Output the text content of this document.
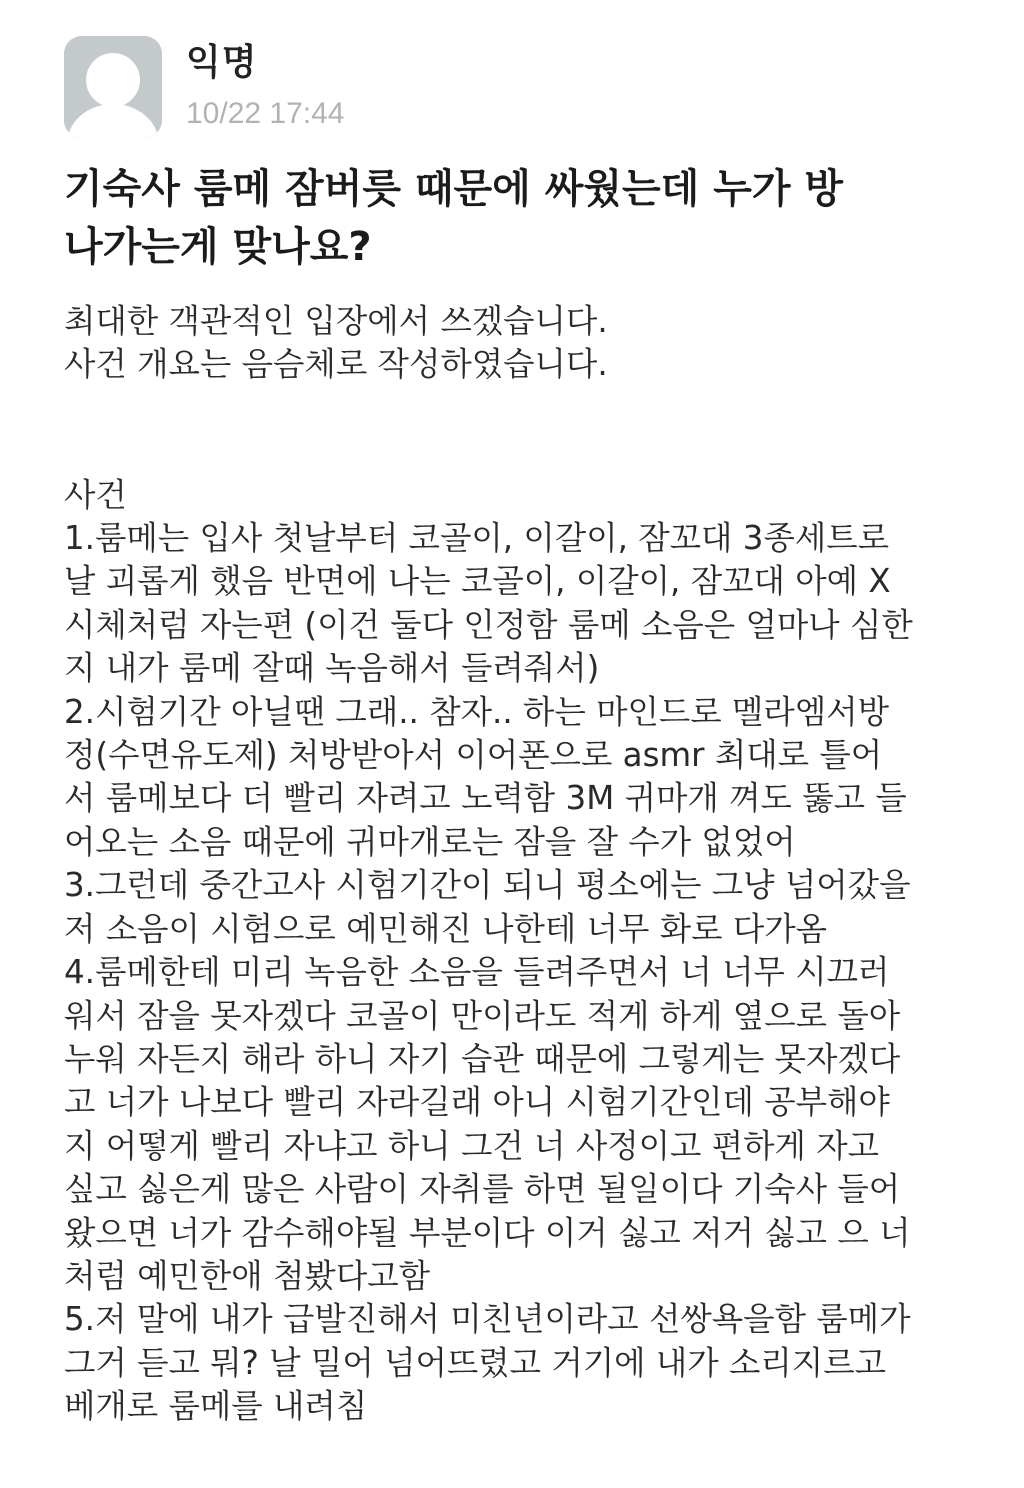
익명
10/22 17:44
기숙사 룸메 잠버릇 때문에 싸웠는데 누가 방
나가는게 맞나요?
최대한 객관적인 입장에서 쓰겠습니다.
사건 개요는 음슴체로 작성하였습니다.

사건
1.룸메는 입사 첫날부터 코골이, 이갈이, 잠꼬대 3종세트로
날 괴롭게 했음 반면에 나는 코골이, 이갈이, 잠꼬대 아예 X
시체처럼 자는편 (이건 둘다 인정함 룸메 소음은 얼마나 심한
지 내가 룸메 잘때 녹음해서 들려줘서)
2.시험기간 아닐땐 그래.. 참자.. 하는 마인드로 멜라엠서방
정(수면유도제) 처방받아서 이어폰으로 asmr 최대로 틀어
서 룸메보다 더 빨리 자려고 노력함 3M 귀마개 껴도 뚫고 들
어오는 소음 때문에 귀마개로는 잠을 잘 수가 없었어
3.그런데 중간고사 시험기간이 되니 평소에는 그냥 넘어갔을
저 소음이 시험으로 예민해진 나한테 너무 화로 다가옴
4.룸메한테 미리 녹음한 소음을 들려주면서 너 너무 시끄러
워서 잠을 못자겠다 코골이 만이라도 적게 하게 옆으로 돌아
누워 자든지 해라 하니 자기 습관 때문에 그렇게는 못자겠다
고 너가 나보다 빨리 자라길래 아니 시험기간인데 공부해야
지 어떻게 빨리 자냐고 하니 그건 너 사정이고 편하게 자고
싶고 싫은게 많은 사람이 자취를 하면 될일이다 기숙사 들어
왔으면 너가 감수해야될 부분이다 이거 싫고 저거 싫고 으 너
처럼 예민한애 첨봤다고함
5.저 말에 내가 급발진해서 미친년이라고 선쌍욕을함 룸메가
그거 듣고 뭐? 날 밀어 넘어뜨렸고 거기에 내가 소리지르고
베개로 룸메를 내려침
